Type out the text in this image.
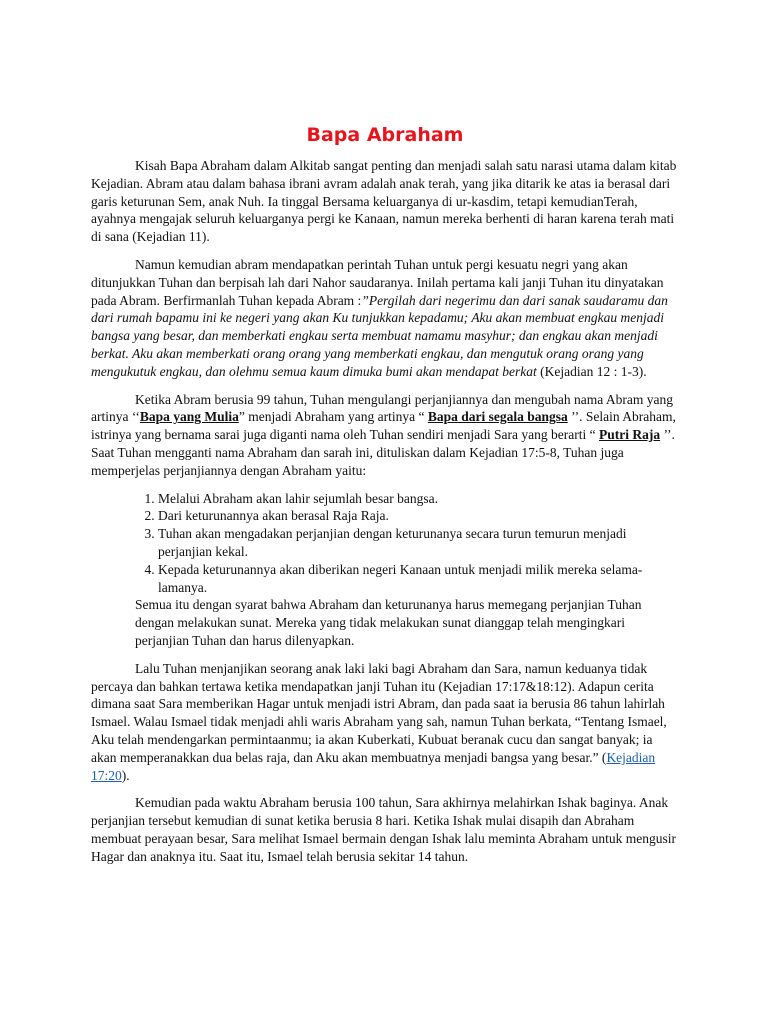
Bapa Abraham

Kisah Bapa Abraham dalam Alkitab sangat penting dan menjadi salah satu narasi utama dalam kitab Kejadian. Abram atau dalam bahasa ibrani avram adalah anak terah, yang jika ditarik ke atas ia berasal dari garis keturunan Sem, anak Nuh. Ia tinggal Bersama keluarganya di ur-kasdim, tetapi kemudianTerah, ayahnya mengajak seluruh keluarganya pergi ke Kanaan, namun mereka berhenti di haran karena terah mati di sana (Kejadian 11).

Namun kemudian abram mendapatkan perintah Tuhan untuk pergi kesuatu negri yang akan ditunjukkan Tuhan dan berpisah lah dari Nahor saudaranya. Inilah pertama kali janji Tuhan itu dinyatakan pada Abram. Berfirmanlah Tuhan kepada Abram :”Pergilah dari negerimu dan dari sanak saudaramu dan dari rumah bapamu ini ke negeri yang akan Ku tunjukkan kepadamu; Aku akan membuat engkau menjadi bangsa yang besar, dan memberkati engkau serta membuat namamu masyhur; dan engkau akan menjadi berkat. Aku akan memberkati orang orang yang memberkati engkau, dan mengutuk orang orang yang mengukutuk engkau, dan olehmu semua kaum dimuka bumi akan mendapat berkat (Kejadian 12 : 1-3).

Ketika Abram berusia 99 tahun, Tuhan mengulangi perjanjiannya dan mengubah nama Abram yang artinya ‘‘Bapa yang Mulia” menjadi Abraham yang artinya “ Bapa dari segala bangsa ’’. Selain Abraham, istrinya yang bernama sarai juga diganti nama oleh Tuhan sendiri menjadi Sara yang berarti “ Putri Raja ’’. Saat Tuhan mengganti nama Abraham dan sarah ini, dituliskan dalam Kejadian 17:5-8, Tuhan juga memperjelas perjanjiannya dengan Abraham yaitu:

1. Melalui Abraham akan lahir sejumlah besar bangsa.
2. Dari keturunannya akan berasal Raja Raja.
3. Tuhan akan mengadakan perjanjian dengan keturunanya secara turun temurun menjadi perjanjian kekal.
4. Kepada keturunannya akan diberikan negeri Kanaan untuk menjadi milik mereka selama-lamanya.

Semua itu dengan syarat bahwa Abraham dan keturunanya harus memegang perjanjian Tuhan dengan melakukan sunat. Mereka yang tidak melakukan sunat dianggap telah mengingkari perjanjian Tuhan dan harus dilenyapkan.

Lalu Tuhan menjanjikan seorang anak laki laki bagi Abraham dan Sara, namun keduanya tidak percaya dan bahkan tertawa ketika mendapatkan janji Tuhan itu (Kejadian 17:17&18:12). Adapun cerita dimana saat Sara memberikan Hagar untuk menjadi istri Abram, dan pada saat ia berusia 86 tahun lahirlah Ismael. Walau Ismael tidak menjadi ahli waris Abraham yang sah, namun Tuhan berkata, “Tentang Ismael, Aku telah mendengarkan permintaanmu; ia akan Kuberkati, Kubuat beranak cucu dan sangat banyak; ia akan memperanakkan dua belas raja, dan Aku akan membuatnya menjadi bangsa yang besar.” (Kejadian 17:20).

Kemudian pada waktu Abraham berusia 100 tahun, Sara akhirnya melahirkan Ishak baginya. Anak perjanjian tersebut kemudian di sunat ketika berusia 8 hari. Ketika Ishak mulai disapih dan Abraham membuat perayaan besar, Sara melihat Ismael bermain dengan Ishak lalu meminta Abraham untuk mengusir Hagar dan anaknya itu. Saat itu, Ismael telah berusia sekitar 14 tahun.
